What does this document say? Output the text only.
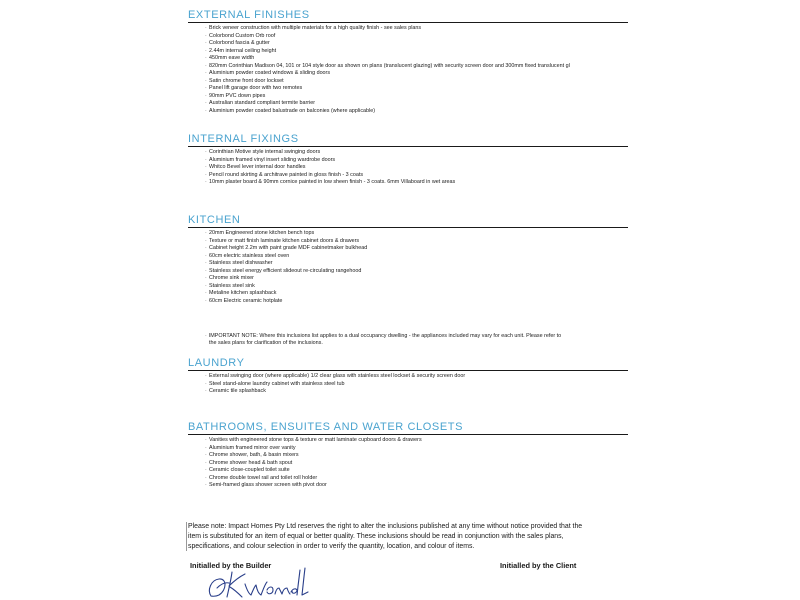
EXTERNAL FINISHES
· Brick veneer construction with multiple materials for a high quality finish - see sales plans
· Colorbond Custom Orb roof
· Colorbond fascia & gutter
· 2.44m internal ceiling height
· 450mm eave width
· 820mm Corinthian Madison 04, 101 or 104 style door as shown on plans (translucent glazing) with security screen door and 300mm fixed translucent gl
· Aluminium powder coated windows & sliding doors
· Satin chrome front door lockset
· Panel lift garage door with two remotes
· 90mm PVC down pipes
· Australian standard compliant termite barrier
· Aluminium powder coated balustrade on balconies (where applicable)
INTERNAL FIXINGS
· Corinthian Motive style internal swinging doors
· Aluminium framed vinyl insert sliding wardrobe doors
· Whitco Bevel lever internal door handles
· Pencil round skirting & architrave painted in gloss finish - 3 coats
· 10mm plaster board & 90mm cornice painted in low sheen finish - 3 coats. 6mm Villaboard in wet areas
KITCHEN
· 20mm Engineered stone kitchen bench tops
· Texture or matt finish laminate kitchen cabinet doors & drawers
· Cabinet height 2.2m with paint grade MDF cabinetmaker bulkhead
· 60cm electric stainless steel oven
· Stainless steel dishwasher
· Stainless steel energy efficient slideout re-circulating rangehood
· Chrome sink mixer
· Stainless steel sink
· Metaline kitchen splashback
· 60cm Electric ceramic hotplate
· IMPORTANT NOTE: Where this inclusions list applies to a dual occupancy dwelling - the appliances included may vary for each unit. Please refer to
the sales plans for clarification of the inclusions.
LAUNDRY
· External swinging door (where applicable) 1/2 clear glass with stainless steel lockset & security screen door
· Steel stand-alone laundry cabinet with stainless steel tub
· Ceramic tile splashback
BATHROOMS, ENSUITES AND WATER CLOSETS
· Vanities with engineered stone tops & texture or matt laminate cupboard doors & drawers
· Aluminium framed mirror over vanity
· Chrome shower, bath, & basin mixers
· Chrome shower head & bath spout
· Ceramic close-coupled toilet suite
· Chrome double towel rail and toilet roll holder
· Semi-framed glass shower screen with pivot door
Please note: Impact Homes Pty Ltd reserves the right to alter the inclusions published at any time without notice provided that the
item is substituted for an item of equal or better quality. These inclusions should be read in conjunction with the sales plans,
specifications, and colour selection in order to verify the quantity, location, and colour of items.
Initialled by the Builder	Initialled by the Client
